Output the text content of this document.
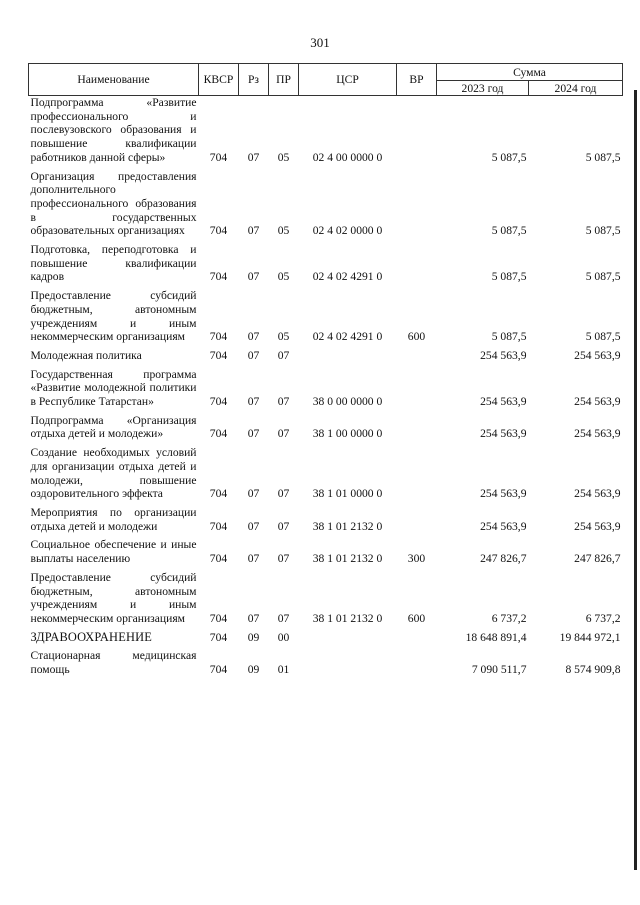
301
Наименование	КВСР	Рз	ПР	ЦСР	ВР	Сумма	
						2023 год	2024 год
Подпрограмма «Развитие профессионального и послевузовского образования и повышение квалификации работников данной сферы»	704	07	05	02 4 00 0000 0		5 087,5	5 087,5
Организация предоставления дополнительного профессионального образования в государственных образовательных организациях	704	07	05	02 4 02 0000 0		5 087,5	5 087,5
Подготовка, переподготовка и повышение квалификации кадров	704	07	05	02 4 02 4291 0		5 087,5	5 087,5
Предоставление субсидий бюджетным, автономным учреждениям и иным некоммерческим организациям	704	07	05	02 4 02 4291 0	600	5 087,5	5 087,5
Молодежная политика	704	07	07			254 563,9	254 563,9
Государственная программа «Развитие молодежной политики в Республике Татарстан»	704	07	07	38 0 00 0000 0		254 563,9	254 563,9
Подпрограмма «Организация отдыха детей и молодежи»	704	07	07	38 1 00 0000 0		254 563,9	254 563,9
Создание необходимых условий для организации отдыха детей и молодежи, повышение оздоровительного эффекта	704	07	07	38 1 01 0000 0		254 563,9	254 563,9
Мероприятия по организации отдыха детей и молодежи	704	07	07	38 1 01 2132 0		254 563,9	254 563,9
Социальное обеспечение и иные выплаты населению	704	07	07	38 1 01 2132 0	300	247 826,7	247 826,7
Предоставление субсидий бюджетным, автономным учреждениям и иным некоммерческим организациям	704	07	07	38 1 01 2132 0	600	6 737,2	6 737,2
ЗДРАВООХРАНЕНИЕ	704	09	00			18 648 891,4	19 844 972,1
Стационарная медицинская помощь	704	09	01			7 090 511,7	8 574 909,8
